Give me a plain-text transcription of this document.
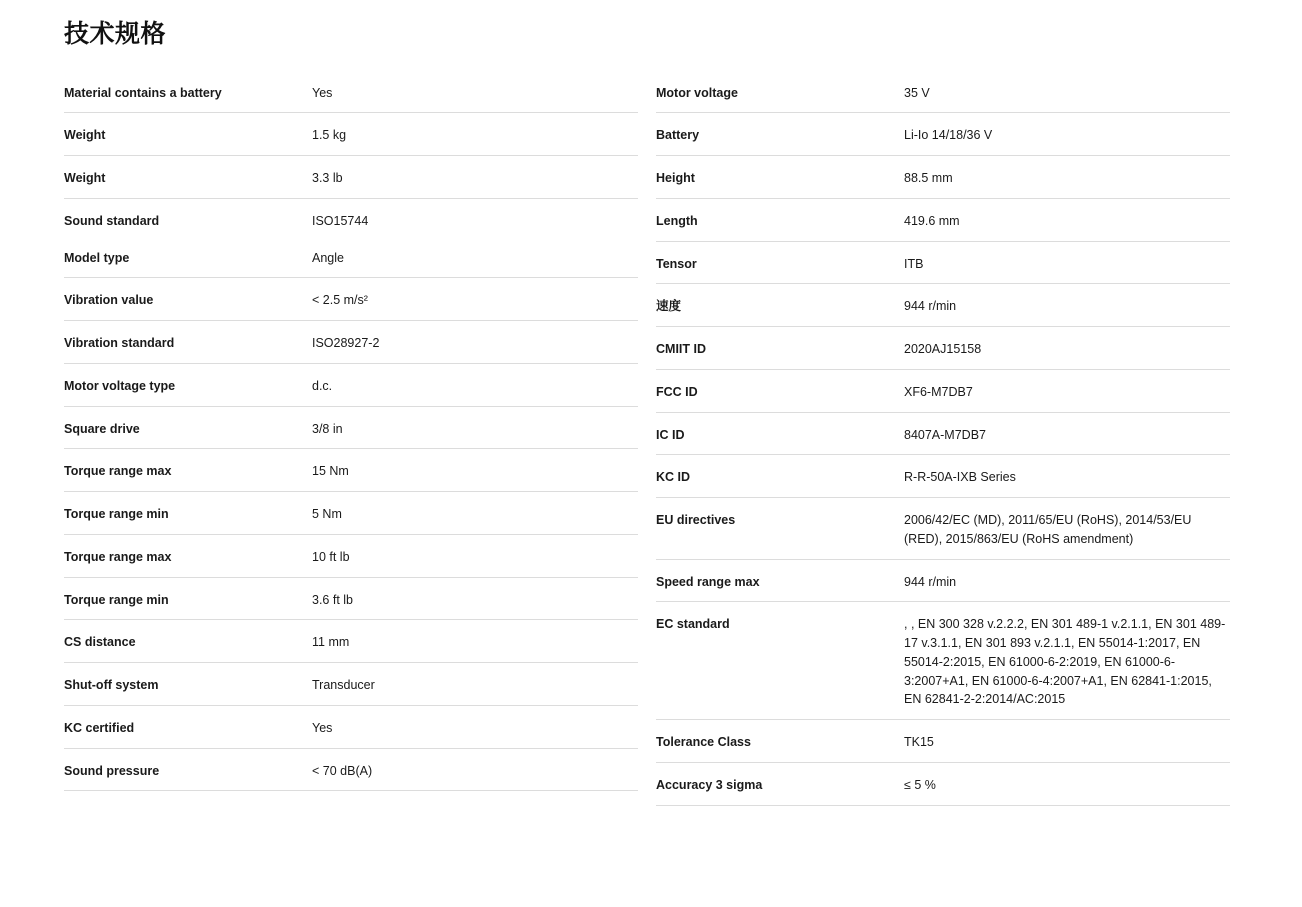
技术规格
Material contains a battery	Yes
Weight	1.5 kg
Weight	3.3 lb
Sound standard	ISO15744
Model type	Angle
Vibration value	< 2.5 m/s²
Vibration standard	ISO28927-2
Motor voltage type	d.c.
Square drive	3/8 in
Torque range max	15 Nm
Torque range min	5 Nm
Torque range max	10 ft lb
Torque range min	3.6 ft lb
CS distance	11 mm
Shut-off system	Transducer
KC certified	Yes
Sound pressure	< 70 dB(A)
Motor voltage	35 V
Battery	Li-Io 14/18/36 V
Height	88.5 mm
Length	419.6 mm
Tensor	ITB
速度	944 r/min
CMIIT ID	2020AJ15158
FCC ID	XF6-M7DB7
IC ID	8407A-M7DB7
KC ID	R-R-50A-IXB Series
EU directives	2006/42/EC (MD), 2011/65/EU (RoHS), 2014/53/EU (RED), 2015/863/EU (RoHS amendment)
Speed range max	944 r/min
EC standard	, , EN 300 328 v.2.2.2, EN 301 489-1 v.2.1.1, EN 301 489-17 v.3.1.1, EN 301 893 v.2.1.1, EN 55014-1:2017, EN 55014-2:2015, EN 61000-6-2:2019, EN 61000-6-3:2007+A1, EN 61000-6-4:2007+A1, EN 62841-1:2015, EN 62841-2-2:2014/AC:2015
Tolerance Class	TK15
Accuracy 3 sigma	≤ 5 %
